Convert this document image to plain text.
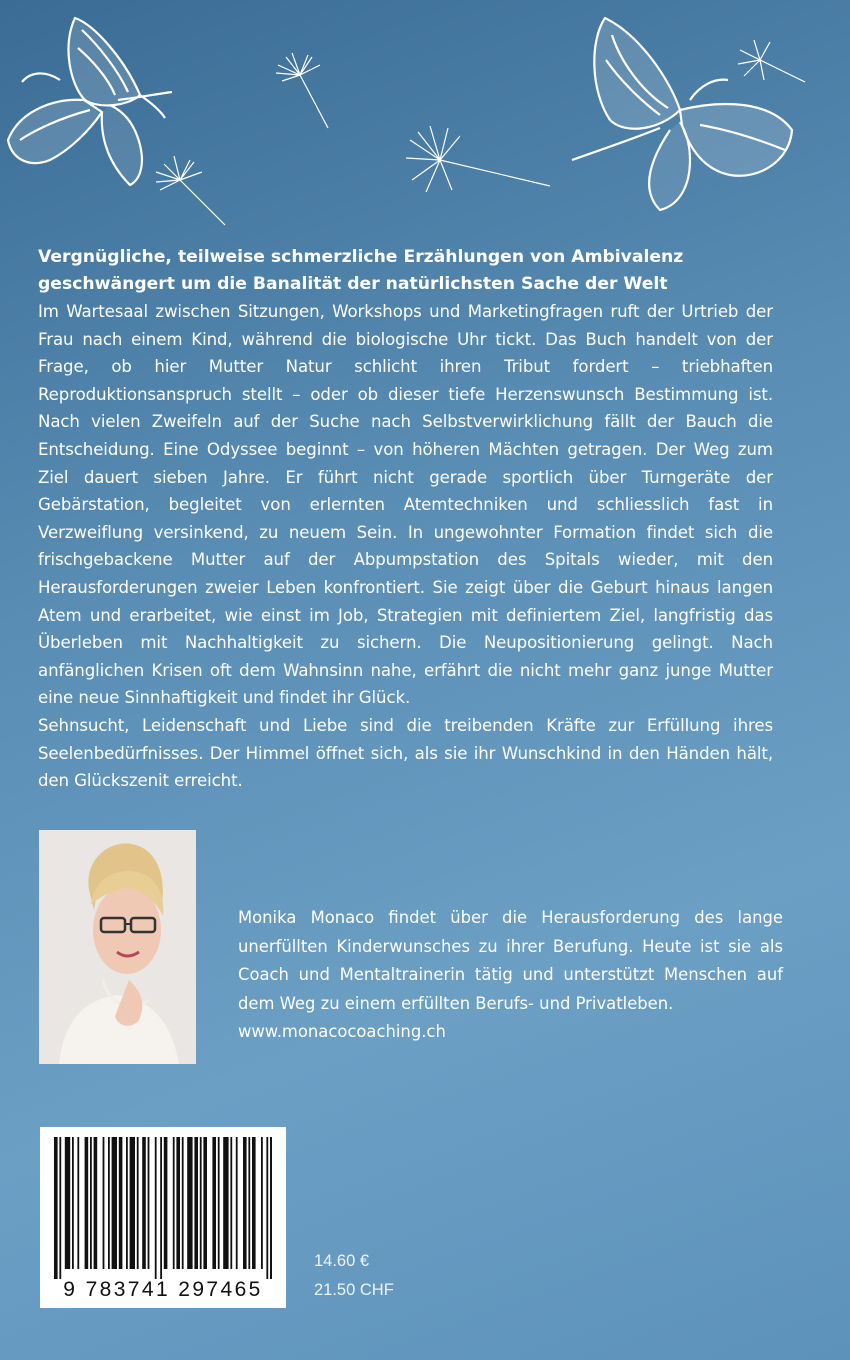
Vergnügliche, teilweise schmerzliche Erzählungen von Ambivalenz

geschwängert um die Banalität der natürlichsten Sache der Welt

Im Wartesaal zwischen Sitzungen, Workshops und Marketingfragen ruft der Urtrieb der Frau nach einem Kind, während die biologische Uhr tickt. Das Buch handelt von der Frage, ob hier Mutter Natur schlicht ihren Tribut fordert – triebhaften Reproduktionsanspruch stellt – oder ob dieser tiefe Herzenswunsch Bestimmung ist. Nach vielen Zweifeln auf der Suche nach Selbstverwirklichung fällt der Bauch die Entscheidung. Eine Odyssee beginnt – von höheren Mächten getragen. Der Weg zum Ziel dauert sieben Jahre. Er führt nicht gerade sportlich über Turngeräte der Gebärstation, begleitet von erlernten Atemtechniken und schliesslich fast in Verzweiflung versinkend, zu neuem Sein. In ungewohnter Formation findet sich die frischgebackene Mutter auf der Abpumpstation des Spitals wieder, mit den Herausforderungen zweier Leben konfrontiert. Sie zeigt über die Geburt hinaus langen Atem und erarbeitet, wie einst im Job, Strategien mit definiertem Ziel, langfristig das Überleben mit Nachhaltigkeit zu sichern. Die Neupositionierung gelingt. Nach anfänglichen Krisen oft dem Wahnsinn nahe, erfährt die nicht mehr ganz junge Mutter eine neue Sinnhaftigkeit und findet ihr Glück.

Sehnsucht, Leidenschaft und Liebe sind die treibenden Kräfte zur Erfüllung ihres Seelenbedürfnisses. Der Himmel öffnet sich, als sie ihr Wunschkind in den Händen hält, den Glückszenit erreicht.

Monika Monaco findet über die Herausforderung des lange unerfüllten Kinderwunsches zu ihrer Berufung. Heute ist sie als Coach und Mentaltrainerin tätig und unterstützt Menschen auf dem Weg zu einem erfüllten Berufs- und Privatleben.

www.monacocoaching.ch

9 783741 297465
14.60 €
21.50 CHF
